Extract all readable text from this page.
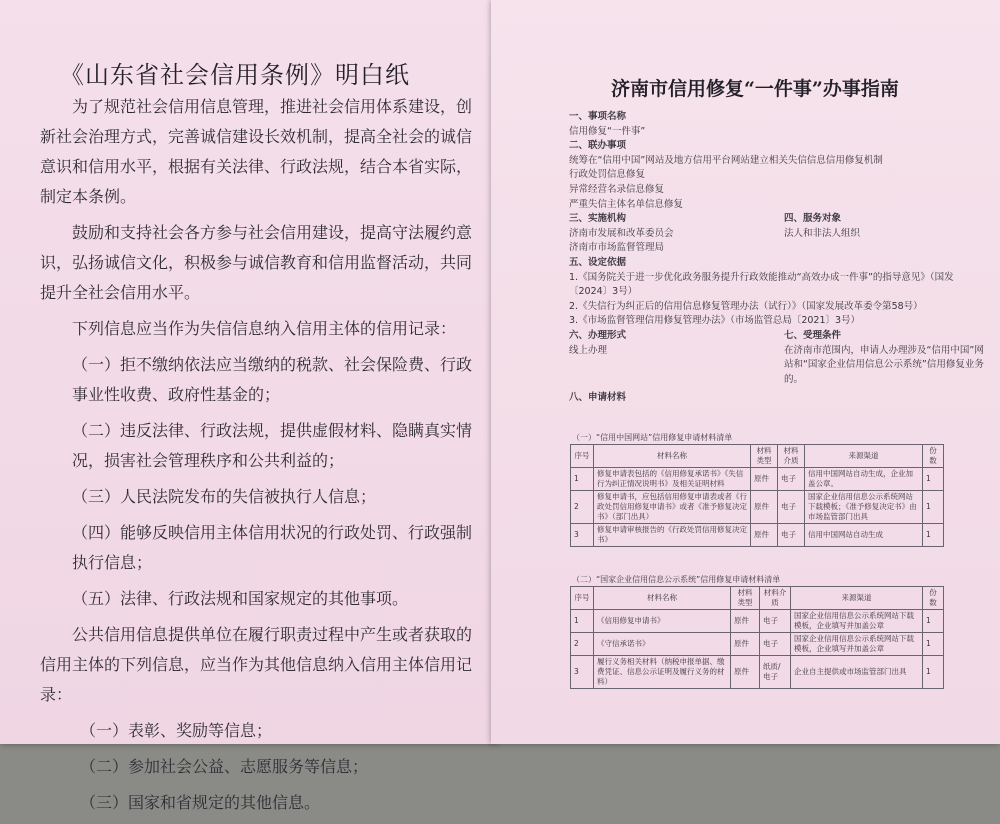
《山东省社会信用条例》明白纸

为了规范社会信用信息管理，推进社会信用体系建设，创新社会治理方式，完善诚信建设长效机制，提高全社会的诚信意识和信用水平，根据有关法律、行政法规，结合本省实际，制定本条例。

鼓励和支持社会各方参与社会信用建设，提高守法履约意识，弘扬诚信文化，积极参与诚信教育和信用监督活动，共同提升全社会信用水平。

下列信息应当作为失信信息纳入信用主体的信用记录：

（一）拒不缴纳依法应当缴纳的税款、社会保险费、行政事业性收费、政府性基金的；

（二）违反法律、行政法规，提供虚假材料、隐瞒真实情况，损害社会管理秩序和公共利益的；

（三）人民法院发布的失信被执行人信息；

（四）能够反映信用主体信用状况的行政处罚、行政强制执行信息；

（五）法律、行政法规和国家规定的其他事项。

公共信用信息提供单位在履行职责过程中产生或者获取的信用主体的下列信息，应当作为其他信息纳入信用主体信用记录：

（一）表彰、奖励等信息；

（二）参加社会公益、志愿服务等信息；

（三）国家和省规定的其他信息。

济南市信用修复“一件事”办事指南
一、事项名称
信用修复“一件事”
二、联办事项
统筹在“信用中国”网站及地方信用平台网站建立相关失信信息信用修复机制
行政处罚信息修复
异常经营名录信息修复
严重失信主体名单信息修复
三、实施机构
济南市发展和改革委员会
济南市市场监督管理局
四、服务对象
法人和非法人组织
五、设定依据
1.《国务院关于进一步优化政务服务提升行政效能推动“高效办成一件事”的指导意见》（国发〔2024〕3号）
2.《失信行为纠正后的信用信息修复管理办法（试行）》（国家发展改革委令第58号）
3.《市场监督管理信用修复管理办法》（市场监管总局〔2021〕3号）
六、办理形式
线上办理
七、受理条件
在济南市范围内，申请人办理涉及“信用中国”网站和“国家企业信用信息公示系统”信用修复业务的。
八、申请材料
（一）“信用中国网站”信用修复申请材料清单
序号	材料名称	材料类型	材料介质	来源渠道	份数
1	修复申请表包括的《信用修复承诺书》《失信行为纠正情况说明书》及相关证明材料	原件	电子	信用中国网站自动生成，企业加盖公章。	1
2	修复申请书，应包括信用修复申请表或者《行政处罚信用修复申请书》或者《准予修复决定书》（部门出具）	原件	电子	国家企业信用信息公示系统网站下载模板；《准予修复决定书》由市场监管部门出具	1
3	修复申请审核报告的《行政处罚信用修复决定书》	原件	电子	信用中国网站自动生成	1
（二）“国家企业信用信息公示系统”信用修复申请材料清单
序号	材料名称	材料类型	材料介质	来源渠道	份数
1	《信用修复申请书》	原件	电子	国家企业信用信息公示系统网站下载模板，企业填写并加盖公章	1
2	《守信承诺书》	原件	电子	国家企业信用信息公示系统网站下载模板，企业填写并加盖公章	1
3	履行义务相关材料（纳税申报单据、缴费凭证、信息公示证明及履行义务的材料）	原件	纸质/电子	企业自主提供或市场监管部门出具	1
